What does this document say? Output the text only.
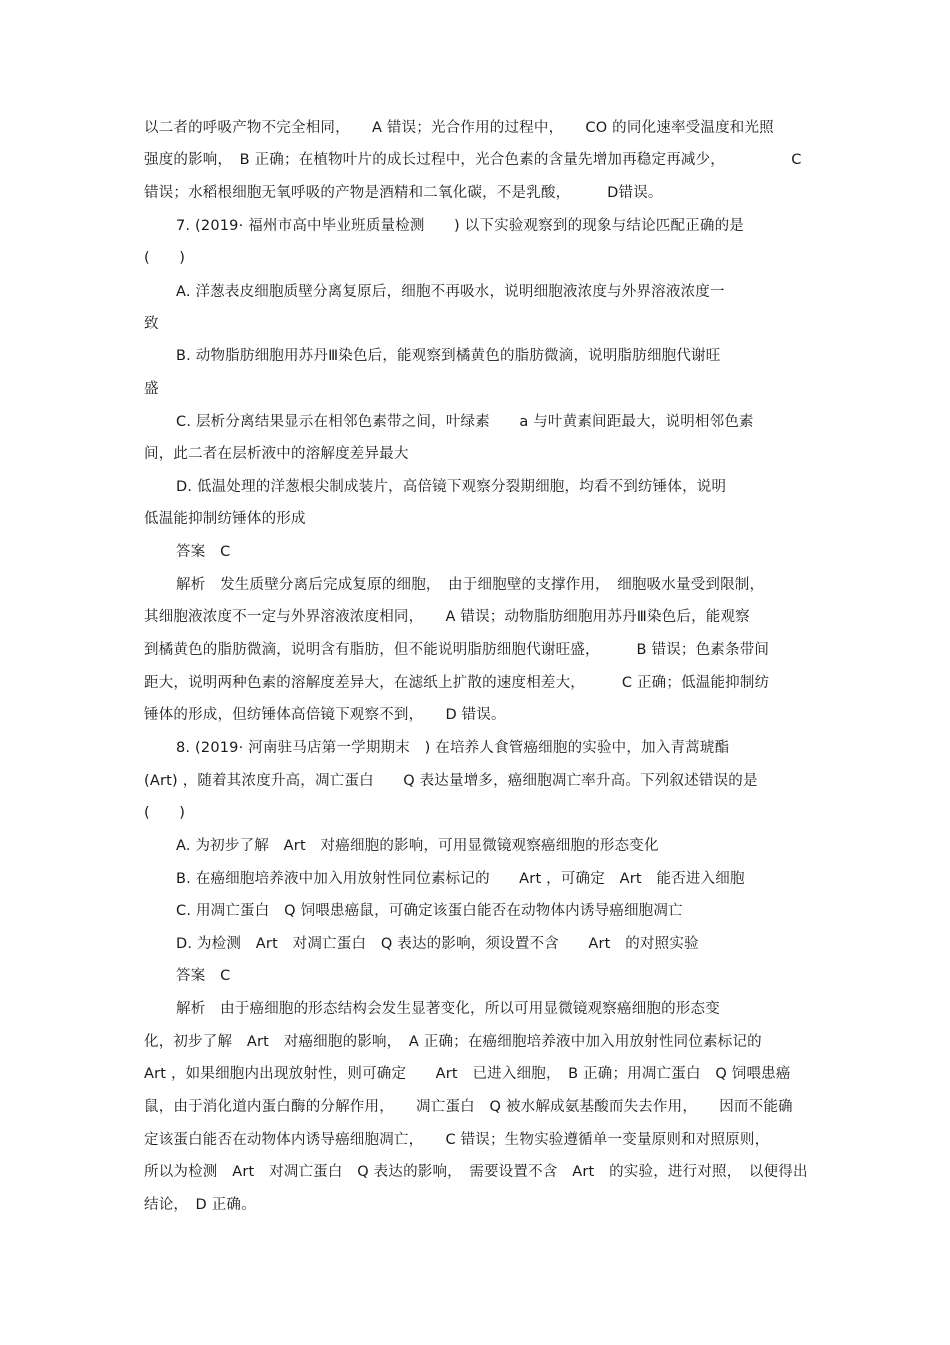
以二者的呼吸产物不完全相同，　　A 错误；光合作用的过程中，　　CO 的同化速率受温度和光照
强度的影响，　B 正确；在植物叶片的成长过程中，光合色素的含量先增加再稳定再减少，　　　　　C
错误；水稻根细胞无氧呼吸的产物是酒精和二氧化碳，不是乳酸，　　　D错误。
7. (2019· 福州市高中毕业班质量检测　　) 以下实验观察到的现象与结论匹配正确的是
(　　)
A. 洋葱表皮细胞质壁分离复原后，细胞不再吸水，说明细胞液浓度与外界溶液浓度一
致
B. 动物脂肪细胞用苏丹Ⅲ染色后，能观察到橘黄色的脂肪微滴，说明脂肪细胞代谢旺
盛
C. 层析分离结果显示在相邻色素带之间，叶绿素　　a 与叶黄素间距最大，说明相邻色素
间，此二者在层析液中的溶解度差异最大
D. 低温处理的洋葱根尖制成装片，高倍镜下观察分裂期细胞，均看不到纺锤体，说明
低温能抑制纺锤体的形成
答案　C
解析　发生质壁分离后完成复原的细胞，　由于细胞壁的支撑作用，　细胞吸水量受到限制，
其细胞液浓度不一定与外界溶液浓度相同，　　A 错误；动物脂肪细胞用苏丹Ⅲ染色后，能观察
到橘黄色的脂肪微滴，说明含有脂肪，但不能说明脂肪细胞代谢旺盛，　　　B 错误；色素条带间
距大，说明两种色素的溶解度差异大，在滤纸上扩散的速度相差大，　　　C 正确；低温能抑制纺
锤体的形成，但纺锤体高倍镜下观察不到，　　D 错误。
8. (2019· 河南驻马店第一学期期末　) 在培养人食管癌细胞的实验中，加入青蒿琥酯
(Art) ，随着其浓度升高，凋亡蛋白　　Q 表达量增多，癌细胞凋亡率升高。下列叙述错误的是
(　　)
A. 为初步了解　Art　对癌细胞的影响，可用显微镜观察癌细胞的形态变化
B. 在癌细胞培养液中加入用放射性同位素标记的　　Art ，可确定　Art　能否进入细胞
C. 用凋亡蛋白　Q 饲喂患癌鼠，可确定该蛋白能否在动物体内诱导癌细胞凋亡
D. 为检测　Art　对凋亡蛋白　Q 表达的影响，须设置不含　　Art　的对照实验
答案　C
解析　由于癌细胞的形态结构会发生显著变化，所以可用显微镜观察癌细胞的形态变
化，初步了解　Art　对癌细胞的影响，　A 正确；在癌细胞培养液中加入用放射性同位素标记的
Art ，如果细胞内出现放射性，则可确定　　Art　已进入细胞，　B 正确；用凋亡蛋白　Q 饲喂患癌
鼠，由于消化道内蛋白酶的分解作用，　　凋亡蛋白　Q 被水解成氨基酸而失去作用，　　因而不能确
定该蛋白能否在动物体内诱导癌细胞凋亡，　　C 错误；生物实验遵循单一变量原则和对照原则，
所以为检测　Art　对凋亡蛋白　Q 表达的影响，　需要设置不含　Art　的实验，进行对照，　以便得出
结论，　D 正确。
